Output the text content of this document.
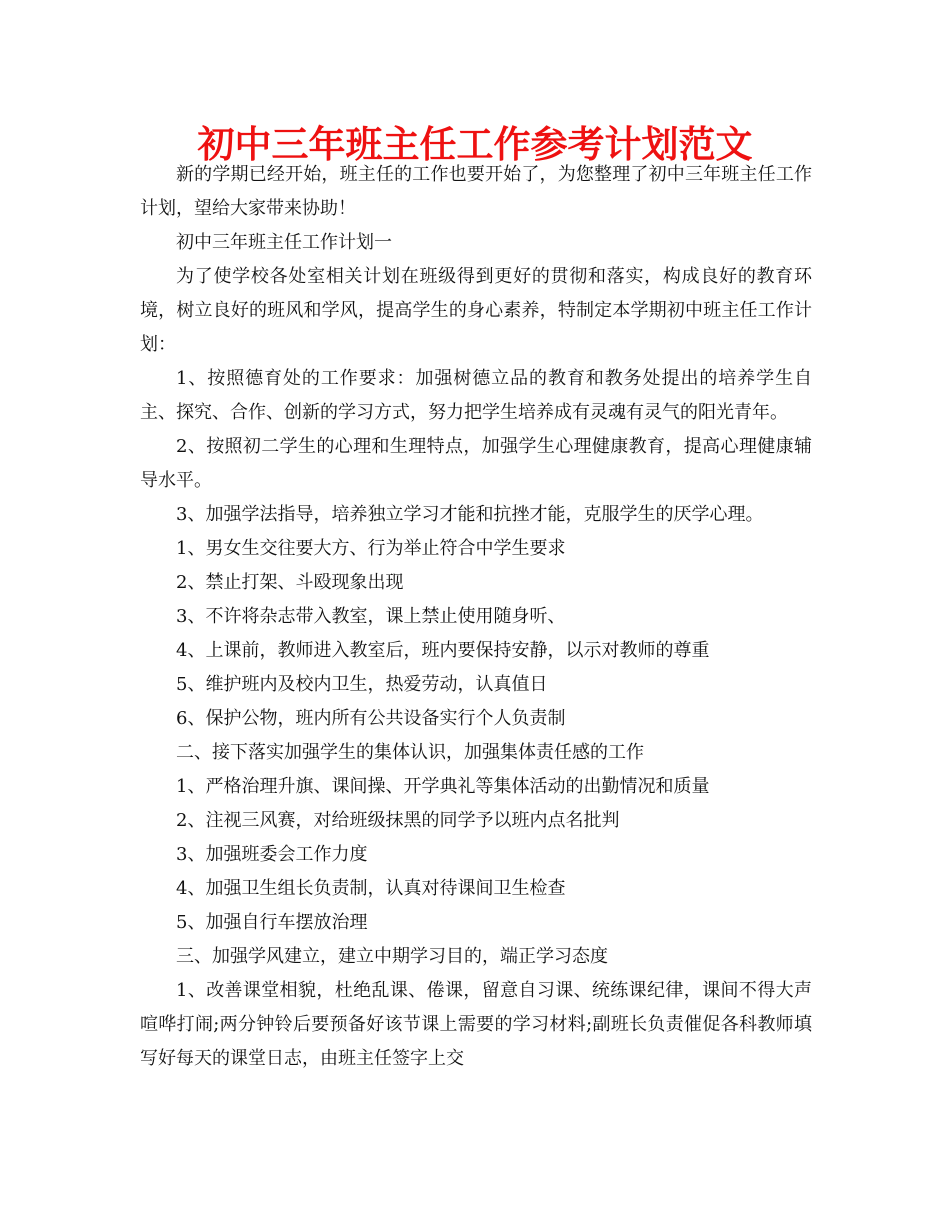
初中三年班主任工作参考计划范文

新的学期已经开始，班主任的工作也要开始了，为您整理了初中三年班主任工作计划，望给大家带来协助！

初中三年班主任工作计划一

为了使学校各处室相关计划在班级得到更好的贯彻和落实，构成良好的教育环境，树立良好的班风和学风，提高学生的身心素养，特制定本学期初中班主任工作计划：

1、按照德育处的工作要求：加强树德立品的教育和教务处提出的培养学生自主、探究、合作、创新的学习方式，努力把学生培养成有灵魂有灵气的阳光青年。

2、按照初二学生的心理和生理特点，加强学生心理健康教育，提高心理健康辅导水平。

3、加强学法指导，培养独立学习才能和抗挫才能，克服学生的厌学心理。

1、男女生交往要大方、行为举止符合中学生要求

2、禁止打架、斗殴现象出现

3、不许将杂志带入教室，课上禁止使用随身听、

4、上课前，教师进入教室后，班内要保持安静，以示对教师的尊重

5、维护班内及校内卫生，热爱劳动，认真值日

6、保护公物，班内所有公共设备实行个人负责制

二、接下落实加强学生的集体认识，加强集体责任感的工作

1、严格治理升旗、课间操、开学典礼等集体活动的出勤情况和质量

2、注视三风赛，对给班级抹黑的同学予以班内点名批判

3、加强班委会工作力度

4、加强卫生组长负责制，认真对待课间卫生检查

5、加强自行车摆放治理

三、加强学风建立，建立中期学习目的，端正学习态度

1、改善课堂相貌，杜绝乱课、倦课，留意自习课、统练课纪律，课间不得大声喧哗打闹;两分钟铃后要预备好该节课上需要的学习材料;副班长负责催促各科教师填写好每天的课堂日志，由班主任签字上交
